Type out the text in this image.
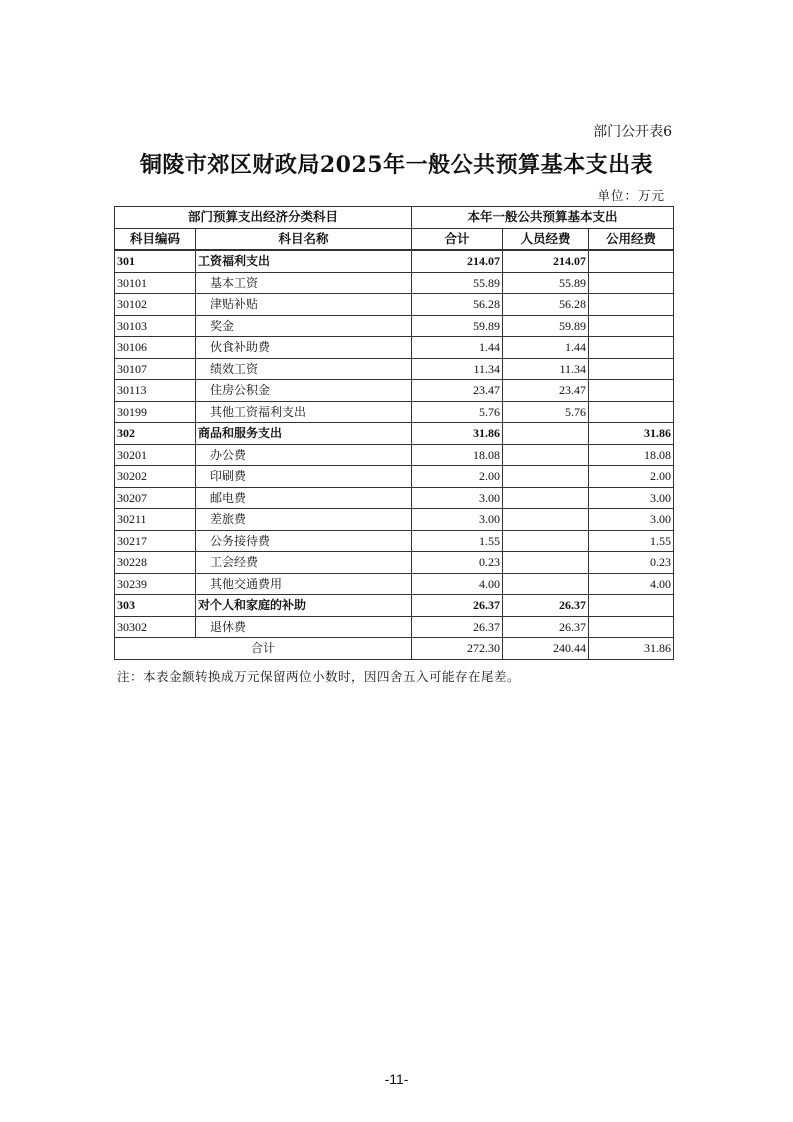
部门公开表6
铜陵市郊区财政局2025年一般公共预算基本支出表
单位：万元
部门预算支出经济分类科目		本年一般公共预算基本支出		
科目编码	科目名称	合计	人员经费	公用经费
301	工资福利支出	214.07	214.07	
30101	基本工资	55.89	55.89	
30102	津贴补贴	56.28	56.28	
30103	奖金	59.89	59.89	
30106	伙食补助费	1.44	1.44	
30107	绩效工资	11.34	11.34	
30113	住房公积金	23.47	23.47	
30199	其他工资福利支出	5.76	5.76	
302	商品和服务支出	31.86		31.86
30201	办公费	18.08		18.08
30202	印刷费	2.00		2.00
30207	邮电费	3.00		3.00
30211	差旅费	3.00		3.00
30217	公务接待费	1.55		1.55
30228	工会经费	0.23		0.23
30239	其他交通费用	4.00		4.00
303	对个人和家庭的补助	26.37	26.37	
30302	退休费	26.37	26.37	
合计		272.30	240.44	31.86
注：本表金额转换成万元保留两位小数时，因四舍五入可能存在尾差。
-11-
